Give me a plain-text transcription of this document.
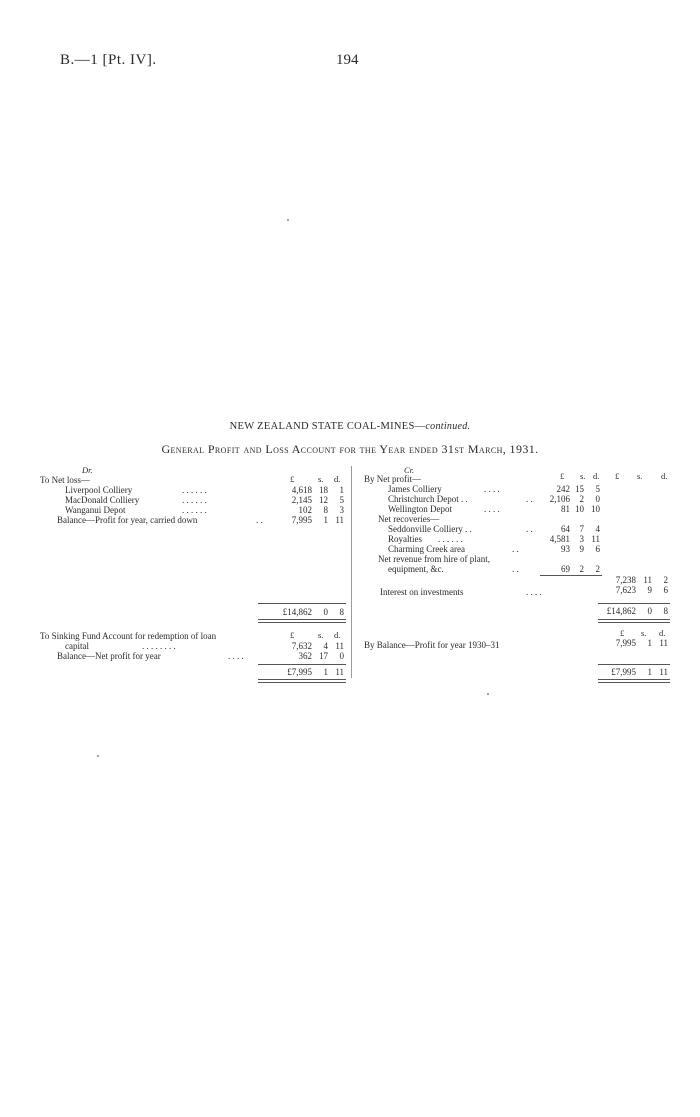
B.—1 [Pt. IV].	194
NEW ZEALAND STATE COAL-MINES—continued.
General Profit and Loss Account for the Year ended 31st March, 1931.
Dr.
£	s. d.
To Net loss—
Liverpool Colliery	. . . . . .	4,618 18	1
MacDonald Colliery	. . . . . .	2,145 12	5
Wanganui Depot	. . . . . .	102	8	3
Balance—Profit for year, carried down	. .	7,995	1 11
£14,862	0	8
£	s. d.
To Sinking Fund Account for redemption of loan
capital	. . . . . . . .	7,632	4 11
Balance—Net profit for year	. . . .	362 17	0
£7,995	1 11
Cr.
£ s. d. £ s. d.
By Net profit—
James Colliery	. . . .	242 15	5
Christchurch Depot . .	. .	2,106	2	0
Wellington Depot	. . . .	81 10 10
Net recoveries—
Seddonville Colliery . .	. .	64	7	4
Royalties . . . . . .	4,581	3 11
Charming Creek area	. .	93	9	6
Net revenue from hire of plant,
equipment, &c.	. .	69	2	2
7,238 11	2
Interest on investments	. . . .	7,623	9	6
£14,862	0	8
£ s. d.
By Balance—Profit for year 1930–31	7,995	1 11
£7,995	1 11
